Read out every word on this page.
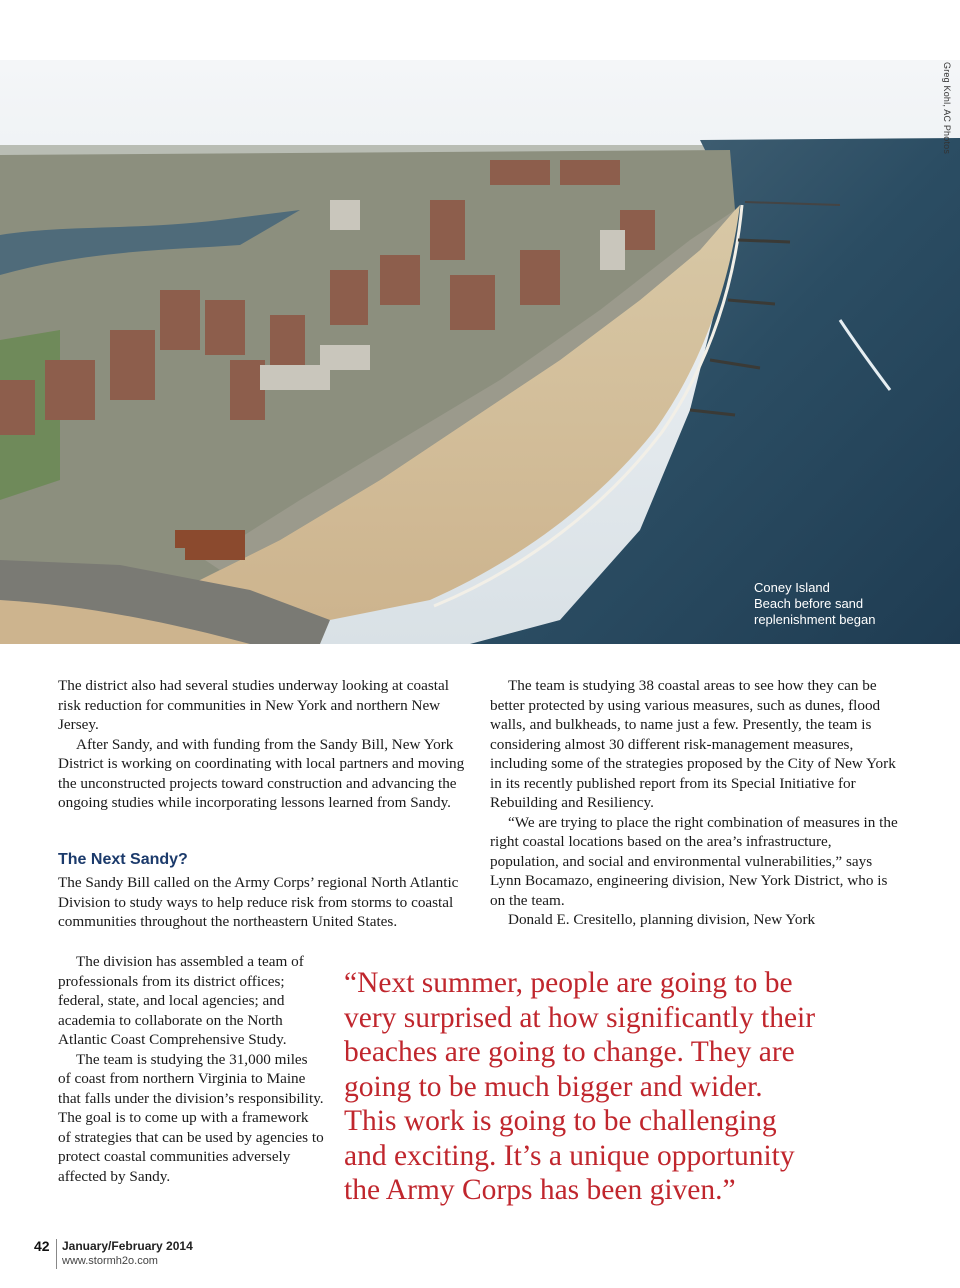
Greg Kohl, AC Photos
Coney Island
Beach before sand
replenishment began

The district also had several studies underway looking at coastal risk reduction for communities in New York and northern New Jersey.

After Sandy, and with funding from the Sandy Bill, New York District is working on coordinating with local partners and moving the unconstructed projects toward construction and advancing the ongoing studies while incorporating lessons learned from Sandy.

The Next Sandy?

The Sandy Bill called on the Army Corps’ regional North Atlantic Division to study ways to help reduce risk from storms to coastal communities throughout the northeastern United States.

The division has assembled a team of professionals from its district offices; federal, state, and local agencies; and academia to collaborate on the North Atlantic Coast Comprehensive Study.

The team is studying the 31,000 miles of coast from northern Virginia to Maine that falls under the division’s responsibility. The goal is to come up with a framework of strategies that can be used by agencies to protect coastal communities adversely affected by Sandy.

The team is studying 38 coastal areas to see how they can be better protected by using various measures, such as dunes, flood walls, and bulkheads, to name just a few. Presently, the team is considering almost 30 different risk-management measures, including some of the strategies proposed by the City of New York in its recently published report from its Special Initiative for Rebuilding and Resiliency.

“We are trying to place the right combination of measures in the right coastal locations based on the area’s infrastructure, population, and social and environmental vulnerabilities,” says Lynn Bocamazo, engineering division, New York District, who is on the team.

Donald E. Cresitello, planning division, New York

“Next summer, people are going to be
very surprised at how significantly their
beaches are going to change. They are
going to be much bigger and wider.
This work is going to be challenging
and exciting. It’s a unique opportunity
the Army Corps has been given.”
42 January/February 2014
www.stormh2o.com
